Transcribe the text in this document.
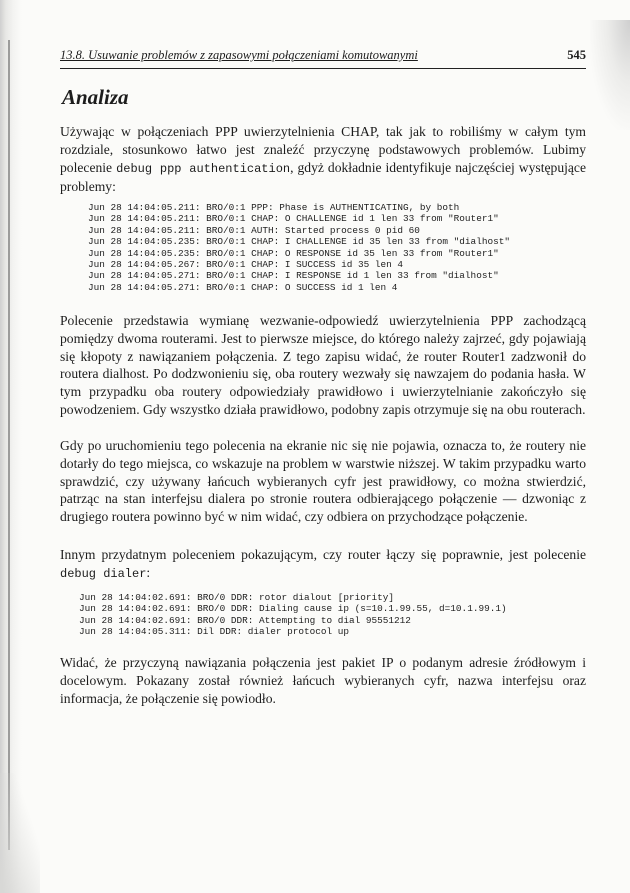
13.8. Usuwanie problemów z zapasowymi połączeniami komutowanymi	545
Analiza

Używając w połączeniach PPP uwierzytelnienia CHAP, tak jak to robiliśmy w całym tym rozdziale, stosunkowo łatwo jest znaleźć przyczynę podstawowych problemów. Lubimy polecenie debug ppp authentication, gdyż dokładnie identyfikuje najczęściej występujące problemy:

Jun 28 14:04:05.211: BRO/0:1 PPP: Phase is AUTHENTICATING, by both
Jun 28 14:04:05.211: BRO/0:1 CHAP: O CHALLENGE id 1 len 33 from "Router1"
Jun 28 14:04:05.211: BRO/0:1 AUTH: Started process 0 pid 60
Jun 28 14:04:05.235: BRO/0:1 CHAP: I CHALLENGE id 35 len 33 from "dialhost"
Jun 28 14:04:05.235: BRO/0:1 CHAP: O RESPONSE id 35 len 33 from "Router1"
Jun 28 14:04:05.267: BRO/0:1 CHAP: I SUCCESS id 35 len 4
Jun 28 14:04:05.271: BRO/0:1 CHAP: I RESPONSE id 1 len 33 from "dialhost"
Jun 28 14:04:05.271: BRO/0:1 CHAP: O SUCCESS id 1 len 4

Polecenie przedstawia wymianę wezwanie-odpowiedź uwierzytelnienia PPP zachodzącą pomiędzy dwoma routerami. Jest to pierwsze miejsce, do którego należy zajrzeć, gdy pojawiają się kłopoty z nawiązaniem połączenia. Z tego zapisu widać, że router Router1 zadzwonił do routera dialhost. Po dodzwonieniu się, oba routery wezwały się nawzajem do podania hasła. W tym przypadku oba routery odpowiedziały prawidłowo i uwierzytelnianie zakończyło się powodzeniem. Gdy wszystko działa prawidłowo, podobny zapis otrzymuje się na obu routerach.

Gdy po uruchomieniu tego polecenia na ekranie nic się nie pojawia, oznacza to, że routery nie dotarły do tego miejsca, co wskazuje na problem w warstwie niższej. W takim przypadku warto sprawdzić, czy używany łańcuch wybieranych cyfr jest prawidłowy, co można stwierdzić, patrząc na stan interfejsu dialera po stronie routera odbierającego połączenie — dzwoniąc z drugiego routera powinno być w nim widać, czy odbiera on przychodzące połączenie.

Innym przydatnym poleceniem pokazującym, czy router łączy się poprawnie, jest polecenie debug dialer:

Jun 28 14:04:02.691: BRO/0 DDR: rotor dialout [priority]
Jun 28 14:04:02.691: BRO/0 DDR: Dialing cause ip (s=10.1.99.55, d=10.1.99.1)
Jun 28 14:04:02.691: BRO/0 DDR: Attempting to dial 95551212
Jun 28 14:04:05.311: Dil DDR: dialer protocol up

Widać, że przyczyną nawiązania połączenia jest pakiet IP o podanym adresie źródłowym i docelowym. Pokazany został również łańcuch wybieranych cyfr, nazwa interfejsu oraz informacja, że połączenie się powiodło.
